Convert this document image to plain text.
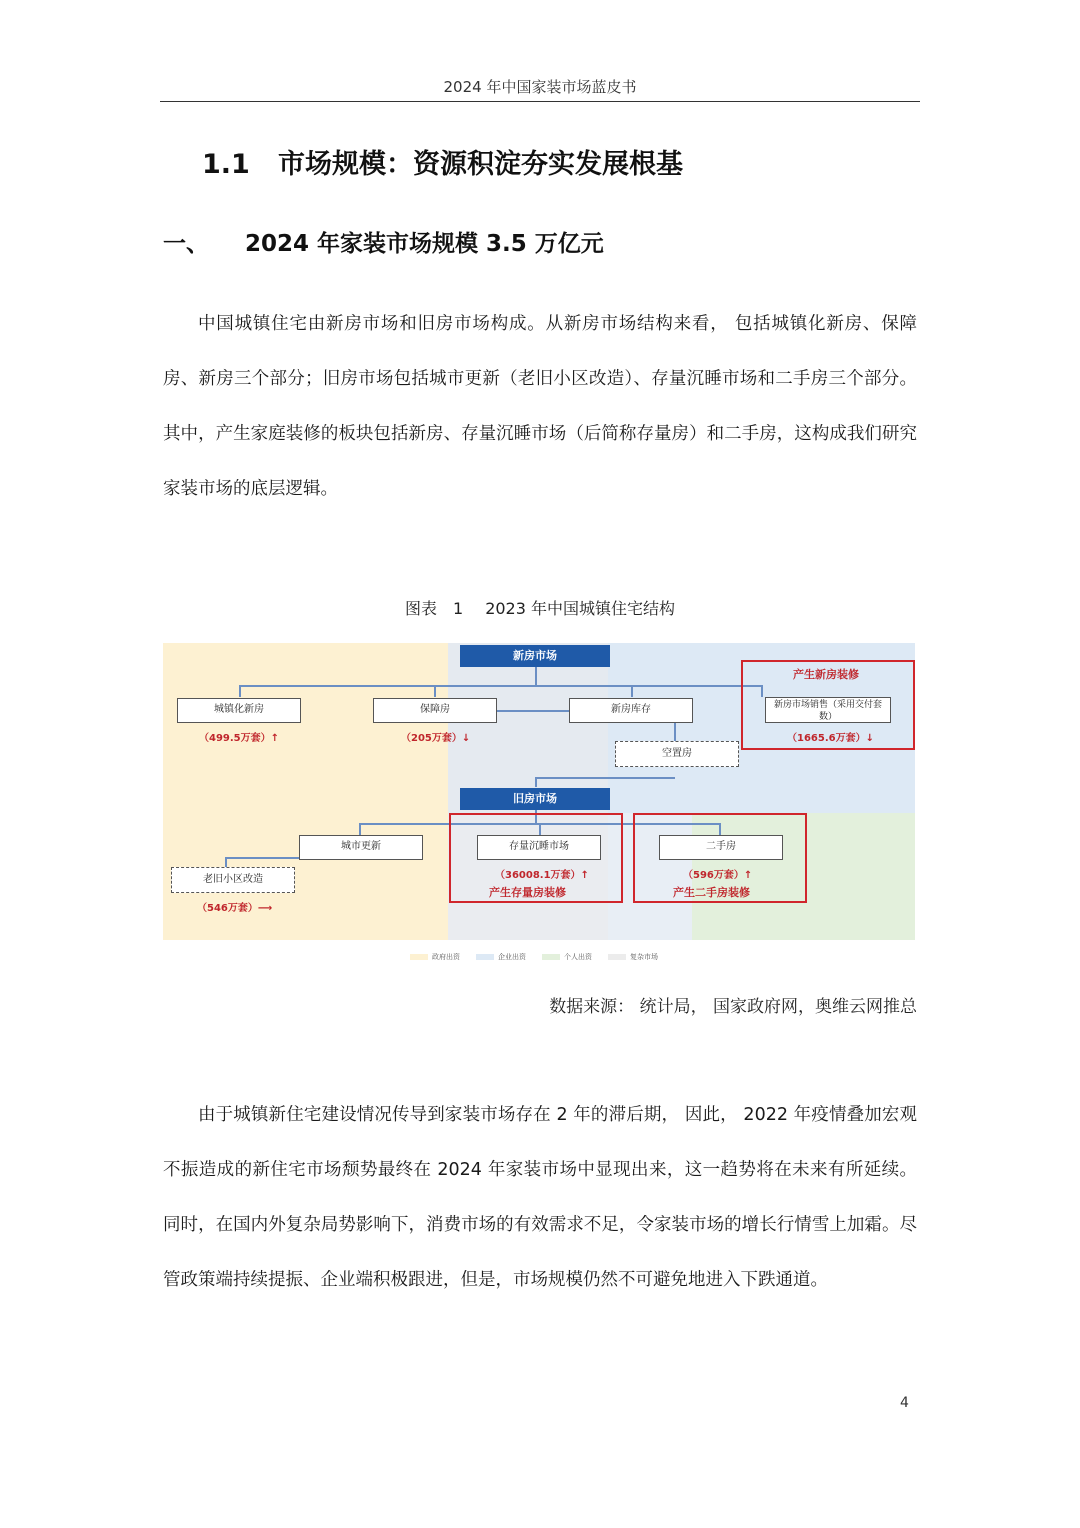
2024 年中国家装市场蓝皮书
1.1 市场规模：资源积淀夯实发展根基
一、 2024 年家装市场规模 3.5 万亿元

中国城镇住宅由新房市场和旧房市场构成。从新房市场结构来看， 包括城镇化新房、保障房、新房三个部分；旧房市场包括城市更新（老旧小区改造）、存量沉睡市场和二手房三个部分。其中，产生家庭装修的板块包括新房、存量沉睡市场（后简称存量房）和二手房，这构成我们研究家装市场的底层逻辑。

图表　1 2023 年中国城镇住宅结构
新房市场
旧房市场
城镇化新房
（499.5万套）↑
保障房
（205万套）↓
新房库存
产生新房装修
新房市场销售（采用交付套数）
（1665.6万套）↓
空置房
城市更新
老旧小区改造
（546万套）⟶
存量沉睡市场
（36008.1万套）↑
产生存量房装修
二手房
（596万套）↑
产生二手房装修
政府出资	企业出资	个人出资	复杂市场
数据来源： 统计局， 国家政府网，奥维云网推总

由于城镇新住宅建设情况传导到家装市场存在 2 年的滞后期， 因此， 2022 年疫情叠加宏观不振造成的新住宅市场颓势最终在 2024 年家装市场中显现出来，这一趋势将在未来有所延续。同时，在国内外复杂局势影响下，消费市场的有效需求不足，令家装市场的增长行情雪上加霜。尽管政策端持续提振、企业端积极跟进，但是，市场规模仍然不可避免地进入下跌通道。

4
